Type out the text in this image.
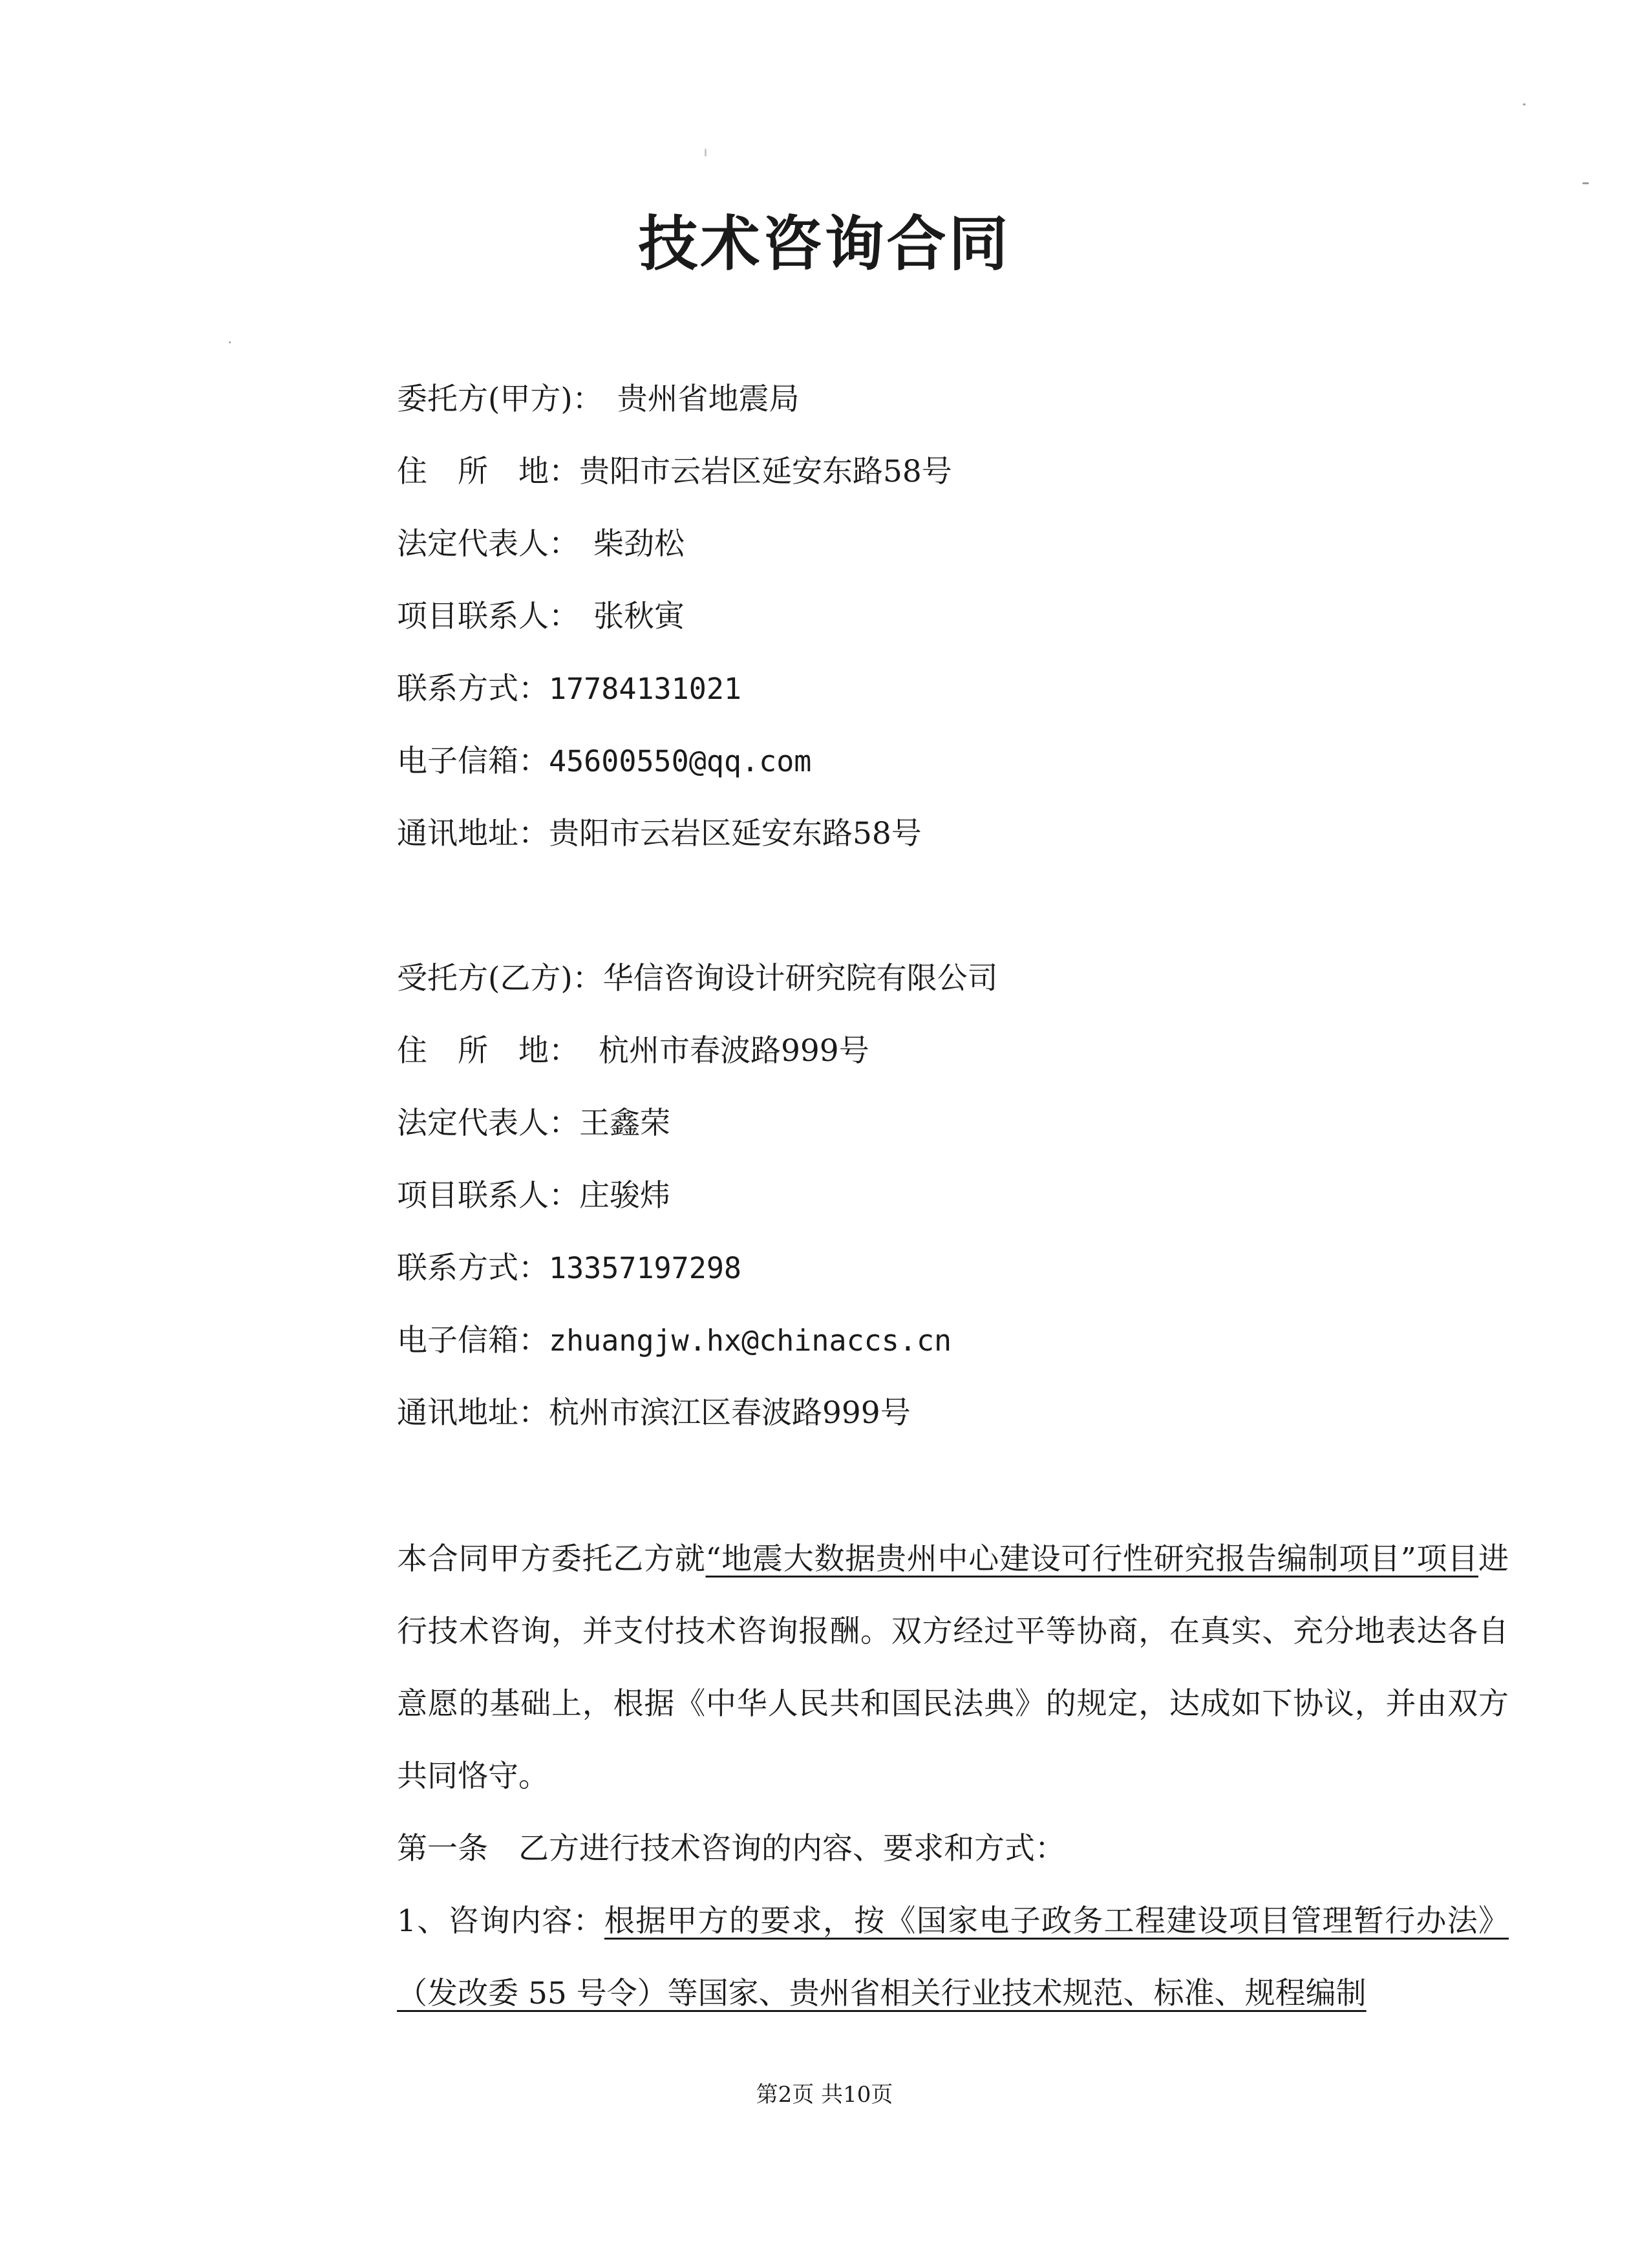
技术咨询合同
委托方(甲方)： 贵州省地震局
住　所　地：贵阳市云岩区延安东路58号
法定代表人： 柴劲松
项目联系人： 张秋寅
联系方式：17784131021
电子信箱：45600550@qq.com
通讯地址：贵阳市云岩区延安东路58号
受托方(乙方)：华信咨询设计研究院有限公司
住　所　地： 杭州市春波路999号
法定代表人：王鑫荣
项目联系人：庄骏炜
联系方式：13357197298
电子信箱：zhuangjw.hx@chinaccs.cn
通讯地址：杭州市滨江区春波路999号
本合同甲方委托乙方就“地震大数据贵州中心建设可行性研究报告编制项目”项目进行技术咨询，并支付技术咨询报酬。双方经过平等协商，在真实、充分地表达各自意愿的基础上，根据《中华人民共和国民法典》的规定，达成如下协议，并由双方共同恪守。
第一条　乙方进行技术咨询的内容、要求和方式：
1、咨询内容：根据甲方的要求，按《国家电子政务工程建设项目管理暂行办法》（发改委 55 号令）等国家、贵州省相关行业技术规范、标准、规程编制
第2页 共10页
